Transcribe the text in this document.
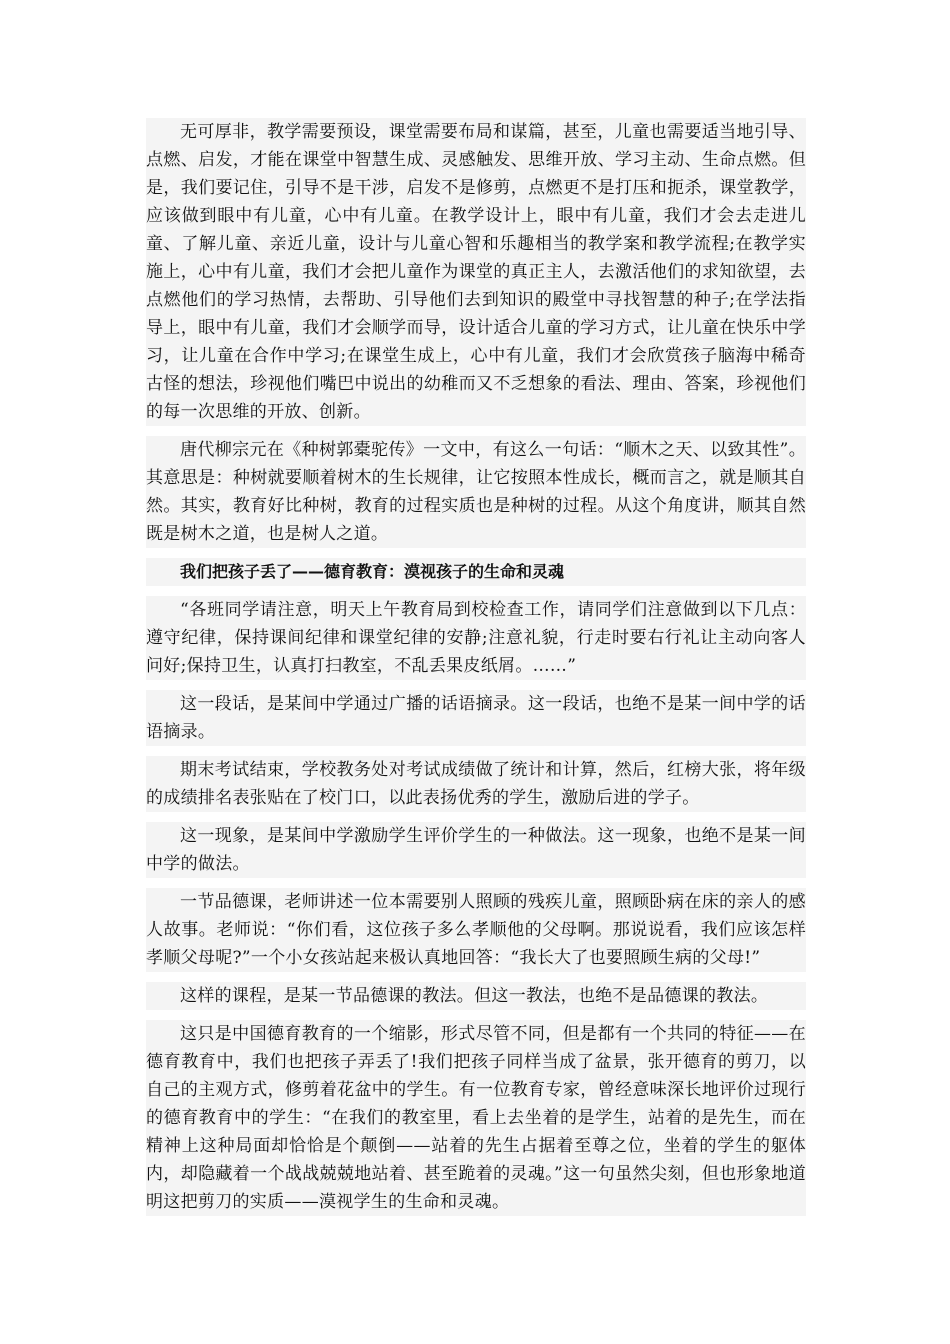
无可厚非，教学需要预设，课堂需要布局和谋篇，甚至，儿童也需要适当地引导、点燃、启发，才能在课堂中智慧生成、灵感触发、思维开放、学习主动、生命点燃。但是，我们要记住，引导不是干涉，启发不是修剪，点燃更不是打压和扼杀，课堂教学，应该做到眼中有儿童，心中有儿童。在教学设计上，眼中有儿童，我们才会去走进儿童、了解儿童、亲近儿童，设计与儿童心智和乐趣相当的教学案和教学流程;在教学实施上，心中有儿童，我们才会把儿童作为课堂的真正主人，去激活他们的求知欲望，去点燃他们的学习热情，去帮助、引导他们去到知识的殿堂中寻找智慧的种子;在学法指导上，眼中有儿童，我们才会顺学而导，设计适合儿童的学习方式，让儿童在快乐中学习，让儿童在合作中学习;在课堂生成上，心中有儿童，我们才会欣赏孩子脑海中稀奇古怪的想法，珍视他们嘴巴中说出的幼稚而又不乏想象的看法、理由、答案，珍视他们的每一次思维的开放、创新。

唐代柳宗元在《种树郭橐驼传》一文中，有这么一句话：“顺木之天、以致其性”。其意思是：种树就要顺着树木的生长规律，让它按照本性成长，概而言之，就是顺其自然。其实，教育好比种树，教育的过程实质也是种树的过程。从这个角度讲，顺其自然既是树木之道，也是树人之道。

我们把孩子丢了——德育教育：漠视孩子的生命和灵魂

“各班同学请注意，明天上午教育局到校检查工作，请同学们注意做到以下几点：遵守纪律，保持课间纪律和课堂纪律的安静;注意礼貌，行走时要右行礼让主动向客人问好;保持卫生，认真打扫教室，不乱丢果皮纸屑。……”

这一段话，是某间中学通过广播的话语摘录。这一段话，也绝不是某一间中学的话语摘录。

期末考试结束，学校教务处对考试成绩做了统计和计算，然后，红榜大张，将年级的成绩排名表张贴在了校门口，以此表扬优秀的学生，激励后进的学子。

这一现象，是某间中学激励学生评价学生的一种做法。这一现象，也绝不是某一间中学的做法。

一节品德课，老师讲述一位本需要别人照顾的残疾儿童，照顾卧病在床的亲人的感人故事。老师说：“你们看，这位孩子多么孝顺他的父母啊。那说说看，我们应该怎样孝顺父母呢?”一个小女孩站起来极认真地回答：“我长大了也要照顾生病的父母!”

这样的课程，是某一节品德课的教法。但这一教法，也绝不是品德课的教法。

这只是中国德育教育的一个缩影，形式尽管不同，但是都有一个共同的特征——在德育教育中，我们也把孩子弄丢了!我们把孩子同样当成了盆景，张开德育的剪刀，以自己的主观方式，修剪着花盆中的学生。有一位教育专家，曾经意味深长地评价过现行的德育教育中的学生：“在我们的教室里，看上去坐着的是学生，站着的是先生，而在精神上这种局面却恰恰是个颠倒——站着的先生占据着至尊之位，坐着的学生的躯体内，却隐藏着一个战战兢兢地站着、甚至跪着的灵魂。”这一句虽然尖刻，但也形象地道明这把剪刀的实质——漠视学生的生命和灵魂。
